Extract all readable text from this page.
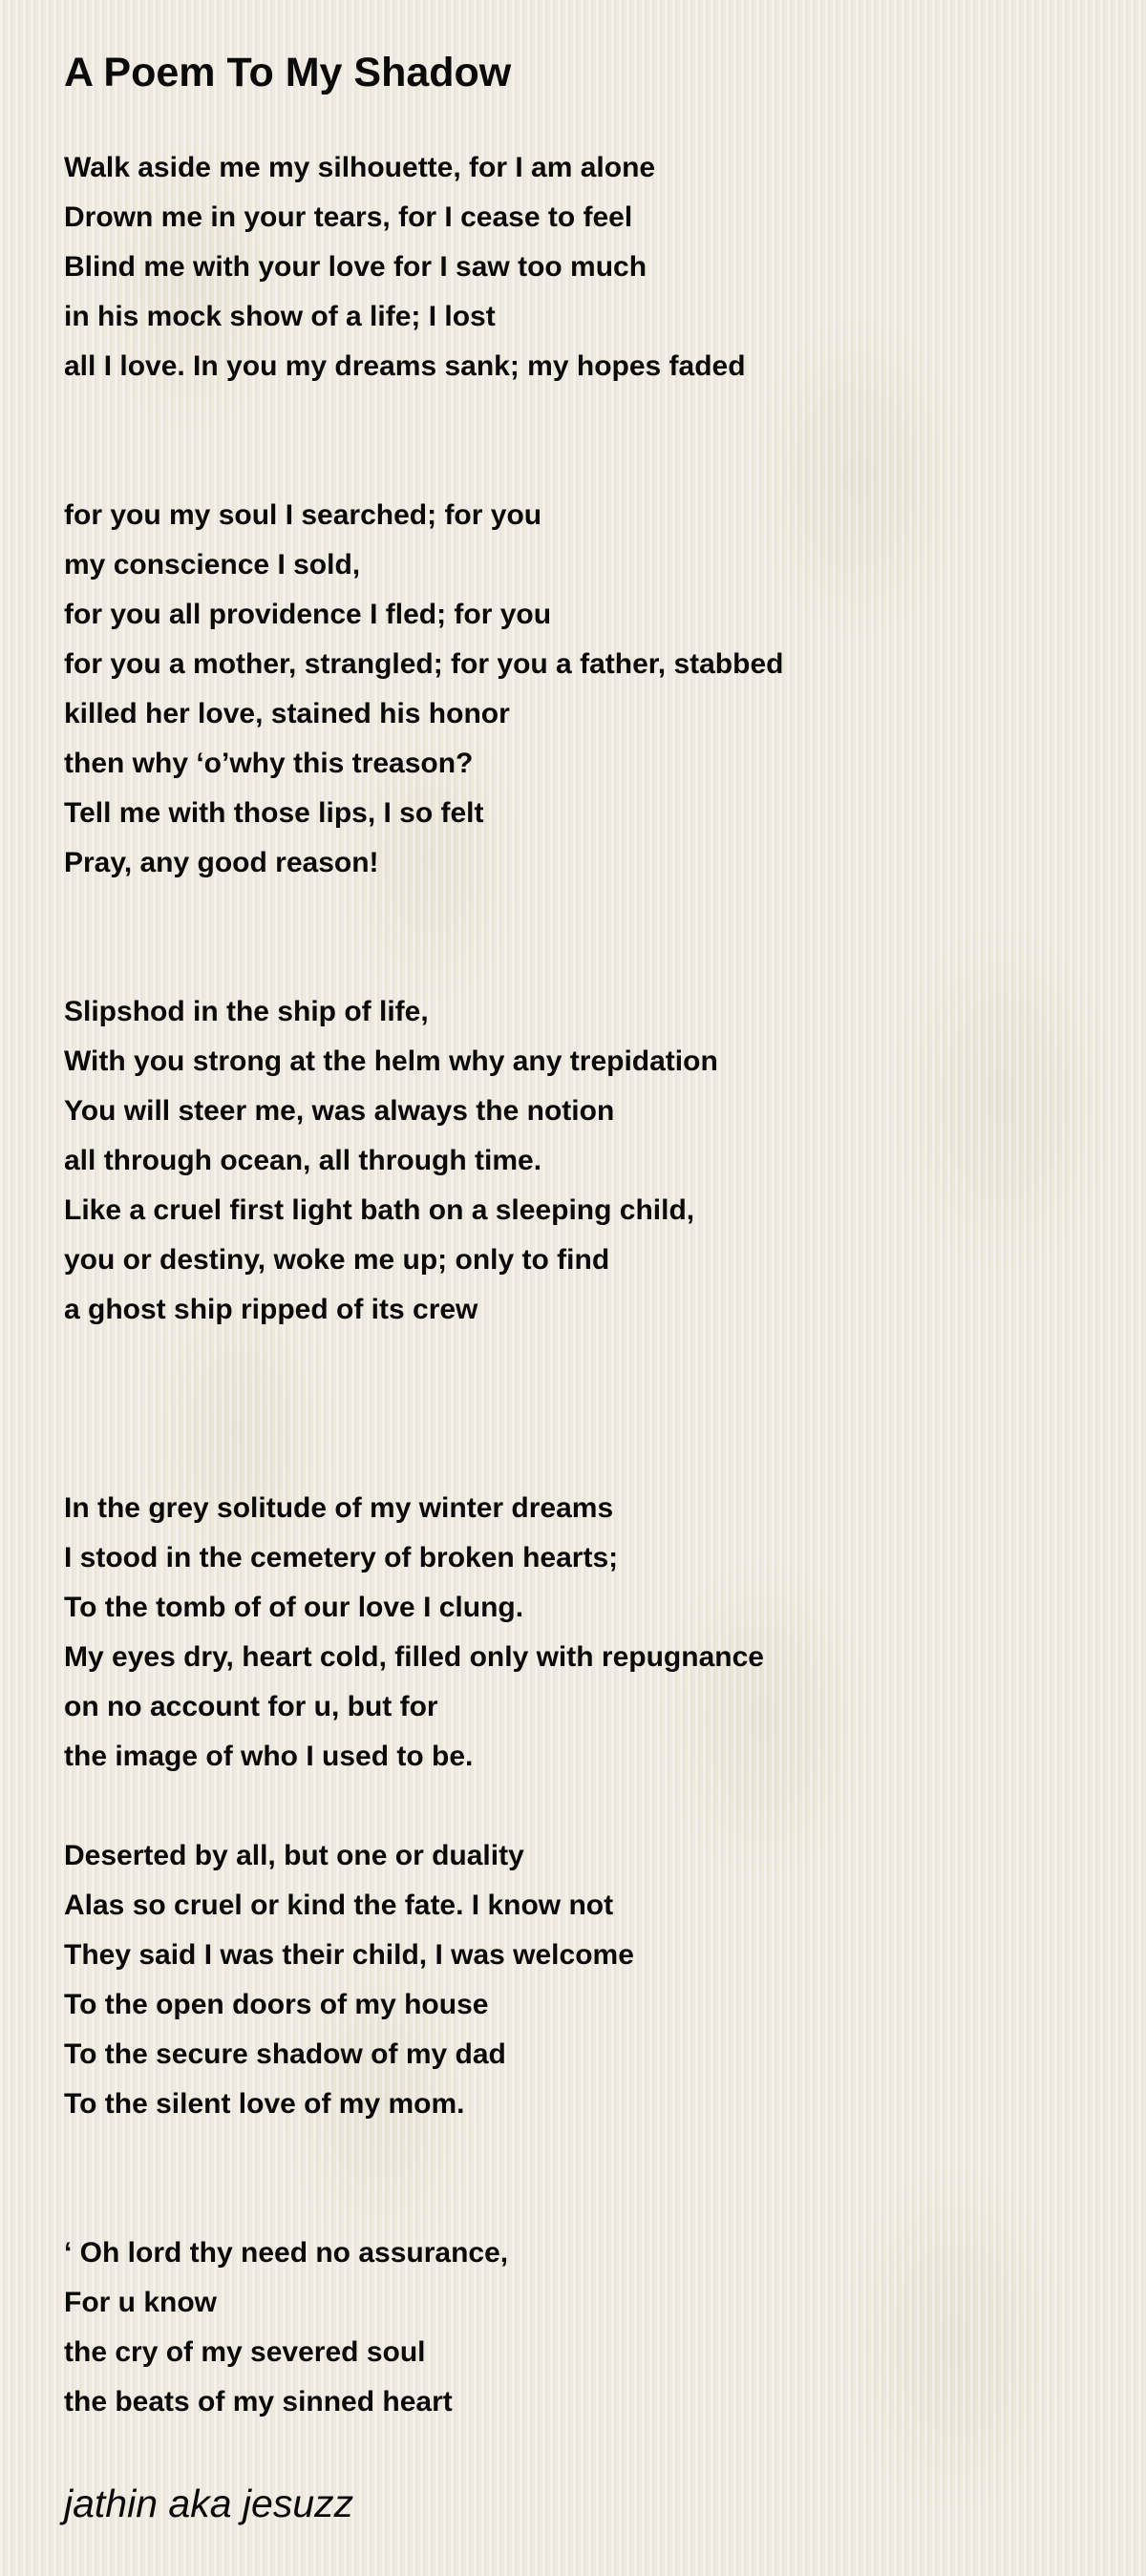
A Poem To My Shadow
Walk aside me my silhouette, for I am alone
Drown me in your tears, for I cease to feel
Blind me with your love for I saw too much
in his mock show of a life; I lost
all I love. In you my dreams sank; my hopes faded
for you my soul I searched; for you
my conscience I sold,
for you all providence I fled; for you
for you a mother, strangled; for you a father, stabbed
killed her love, stained his honor
then why ‘o’why this treason?
Tell me with those lips, I so felt
Pray, any good reason!
Slipshod in the ship of life,
With you strong at the helm why any trepidation
You will steer me, was always the notion
all through ocean, all through time.
Like a cruel first light bath on a sleeping child,
you or destiny, woke me up; only to find
a ghost ship ripped of its crew
In the grey solitude of my winter dreams
I stood in the cemetery of broken hearts;
To the tomb of of our love I clung.
My eyes dry, heart cold, filled only with repugnance
on no account for u, but for
the image of who I used to be.
Deserted by all, but one or duality
Alas so cruel or kind the fate. I know not
They said I was their child, I was welcome
To the open doors of my house
To the secure shadow of my dad
To the silent love of my mom.
‘ Oh lord thy need no assurance,
For u know
the cry of my severed soul
the beats of my sinned heart
jathin aka jesuzz
